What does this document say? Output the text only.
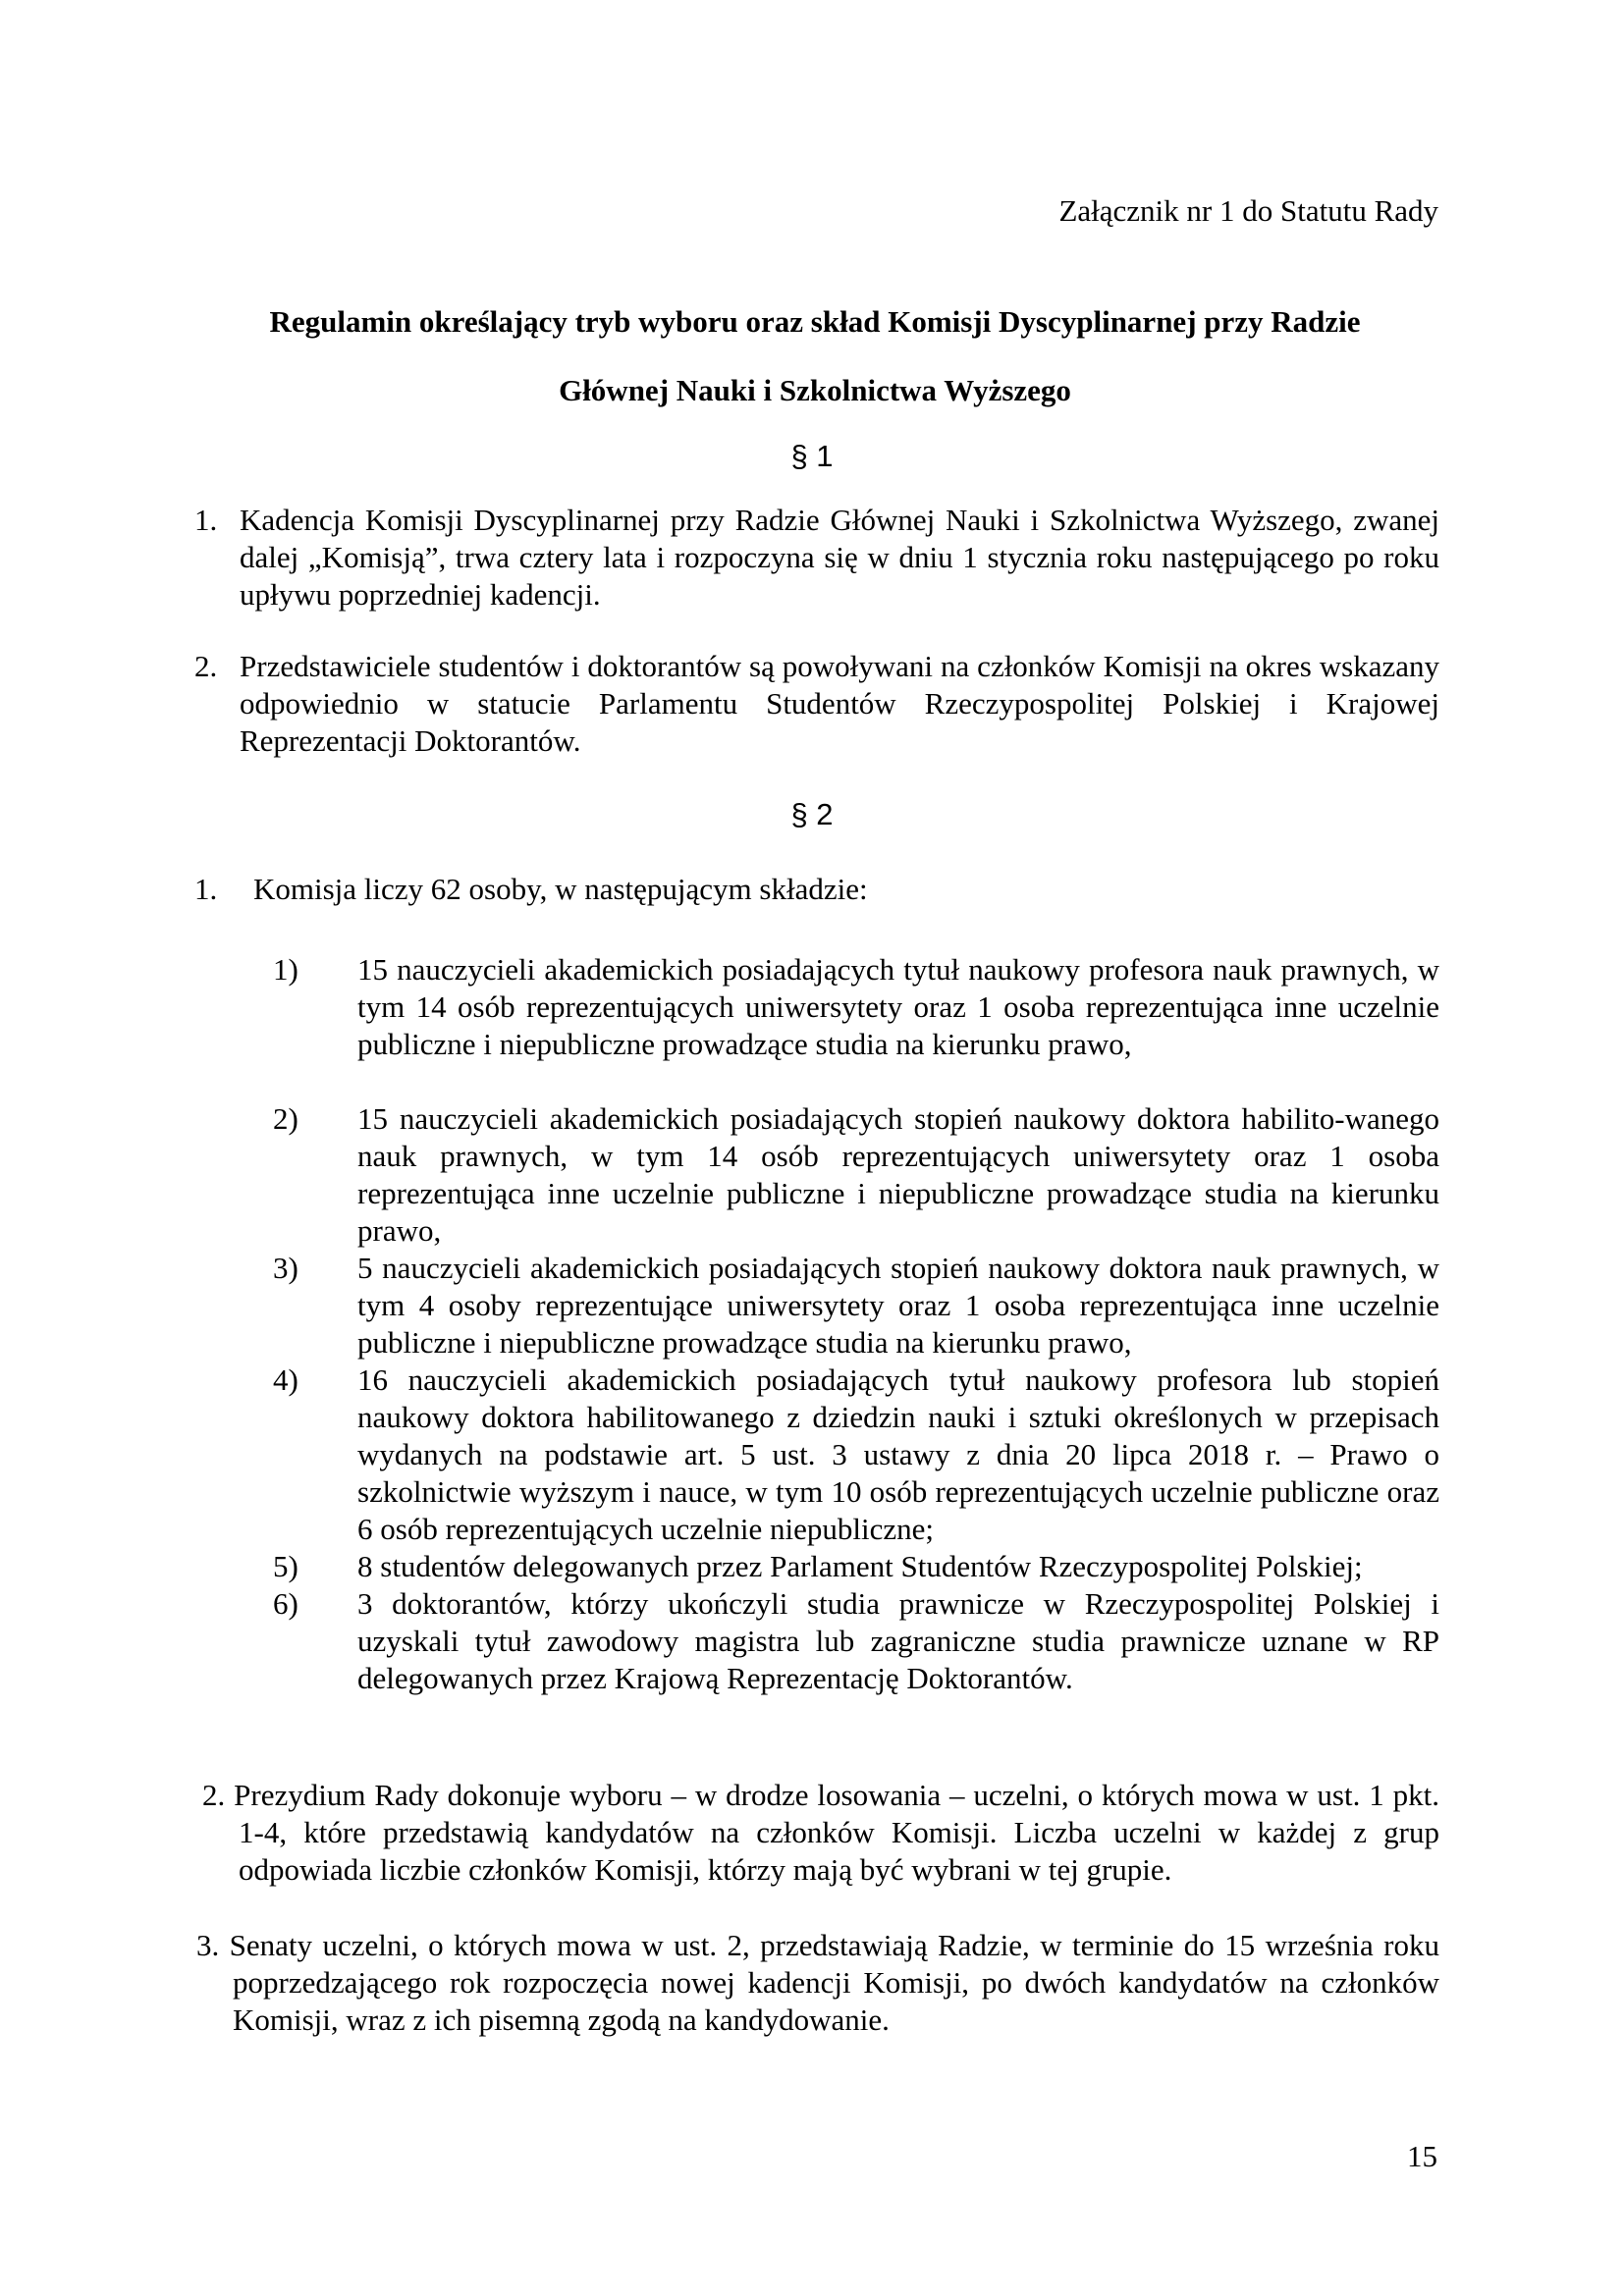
Załącznik nr 1 do Statutu Rady
Regulamin określający tryb wyboru oraz skład Komisji Dyscyplinarnej przy Radzie
Głównej Nauki i Szkolnictwa Wyższego
§ 1
1. Kadencja Komisji Dyscyplinarnej przy Radzie Głównej Nauki i Szkolnictwa Wyższego, zwanej dalej „Komisją”, trwa cztery lata i rozpoczyna się w dniu 1 stycznia roku następującego po roku upływu poprzedniej kadencji.
2. Przedstawiciele studentów i doktorantów są powoływani na członków Komisji na okres wskazany odpowiednio w statucie Parlamentu Studentów Rzeczypospolitej Polskiej i Krajowej Reprezentacji Doktorantów.
§ 2
1. Komisja liczy 62 osoby, w następującym składzie:
1) 15 nauczycieli akademickich posiadających tytuł naukowy profesora nauk prawnych, w tym 14 osób reprezentujących uniwersytety oraz 1 osoba reprezentująca inne uczelnie publiczne i niepubliczne prowadzące studia na kierunku prawo,
2) 15 nauczycieli akademickich posiadających stopień naukowy doktora habilito-wanego nauk prawnych, w tym 14 osób reprezentujących uniwersytety oraz 1 osoba reprezentująca inne uczelnie publiczne i niepubliczne prowadzące studia na kierunku prawo,
3) 5 nauczycieli akademickich posiadających stopień naukowy doktora nauk prawnych, w tym 4 osoby reprezentujące uniwersytety oraz 1 osoba reprezentująca inne uczelnie publiczne i niepubliczne prowadzące studia na kierunku prawo,
4) 16 nauczycieli akademickich posiadających tytuł naukowy profesora lub stopień naukowy doktora habilitowanego z dziedzin nauki i sztuki określonych w przepisach wydanych na podstawie art. 5 ust. 3 ustawy z dnia 20 lipca 2018 r. – Prawo o szkolnictwie wyższym i nauce, w tym 10 osób reprezentujących uczelnie publiczne oraz 6 osób reprezentujących uczelnie niepubliczne;
5) 8 studentów delegowanych przez Parlament Studentów Rzeczypospolitej Polskiej;
6) 3 doktorantów, którzy ukończyli studia prawnicze w Rzeczypospolitej Polskiej i uzyskali tytuł zawodowy magistra lub zagraniczne studia prawnicze uznane w RP delegowanych przez Krajową Reprezentację Doktorantów.
2. Prezydium Rady dokonuje wyboru – w drodze losowania – uczelni, o których mowa w ust. 1 pkt. 1-4, które przedstawią kandydatów na członków Komisji. Liczba uczelni w każdej z grup odpowiada liczbie członków Komisji, którzy mają być wybrani w tej grupie.
3. Senaty uczelni, o których mowa w ust. 2, przedstawiają Radzie, w terminie do 15 września roku poprzedzającego rok rozpoczęcia nowej kadencji Komisji, po dwóch kandydatów na członków Komisji, wraz z ich pisemną zgodą na kandydowanie.
15
